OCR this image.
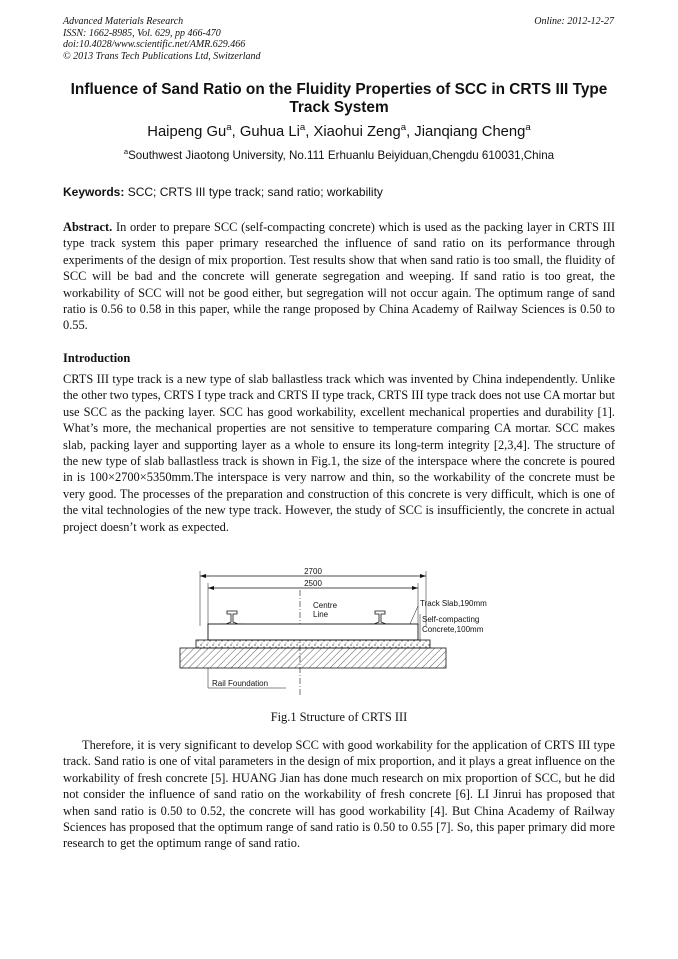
Advanced Materials Research
ISSN: 1662-8985, Vol. 629, pp 466-470
doi:10.4028/www.scientific.net/AMR.629.466
© 2013 Trans Tech Publications Ltd, Switzerland
Online: 2012-12-27
Influence of Sand Ratio on the Fluidity Properties of SCC in CRTS III Type Track System
Haipeng Gu$^a$, Guhua Li$^a$, Xiaohui Zeng$^a$, Jianqiang Cheng$^a$
$^a$Southwest Jiaotong University, No.111 Erhuanlu Beiyiduan,Chengdu 610031,China
Keywords: SCC; CRTS III type track; sand ratio; workability

Abstract. In order to prepare SCC (self-compacting concrete) which is used as the packing layer in CRTS III type track system this paper primary researched the influence of sand ratio on its performance through experiments of the design of mix proportion. Test results show that when sand ratio is too small, the fluidity of SCC will be bad and the concrete will generate segregation and weeping. If sand ratio is too great, the workability of SCC will not be good either, but segregation will not occur again. The optimum range of sand ratio is 0.56 to 0.58 in this paper, while the range proposed by China Academy of Railway Sciences is 0.50 to 0.55.

Introduction

CRTS III type track is a new type of slab ballastless track which was invented by China independently. Unlike the other two types, CRTS I type track and CRTS II type track, CRTS III type track does not use CA mortar but use SCC as the packing layer. SCC has good workability, excellent mechanical properties and durability [1]. What’s more, the mechanical properties are not sensitive to temperature comparing CA mortar. SCC makes slab, packing layer and supporting layer as a whole to ensure its long-term integrity [2,3,4]. The structure of the new type of slab ballastless track is shown in Fig.1, the size of the interspace where the concrete is poured in is 100×2700×5350mm.The interspace is very narrow and thin, so the workability of the concrete must be very good. The processes of the preparation and construction of this concrete is very difficult, which is one of the vital technologies of the new type track. However, the study of SCC is insufficiently, the concrete in actual project doesn’t work as expected.

2700
2500
Centre
Line
Track Slab,190mm
Self-compacting
Concrete,100mm
Rail Foundation
Fig.1 Structure of CRTS III

Therefore, it is very significant to develop SCC with good workability for the application of CRTS III type track. Sand ratio is one of vital parameters in the design of mix proportion, and it plays a great influence on the workability of fresh concrete [5]. HUANG Jian has done much research on mix proportion of SCC, but he did not consider the influence of sand ratio on the workability of fresh concrete [6]. LI Jinrui has proposed that when sand ratio is 0.50 to 0.52, the concrete will has good workability [4]. But China Academy of Railway Sciences has proposed that the optimum range of sand ratio is 0.50 to 0.55 [7]. So, this paper primary did more research to get the optimum range of sand ratio.
